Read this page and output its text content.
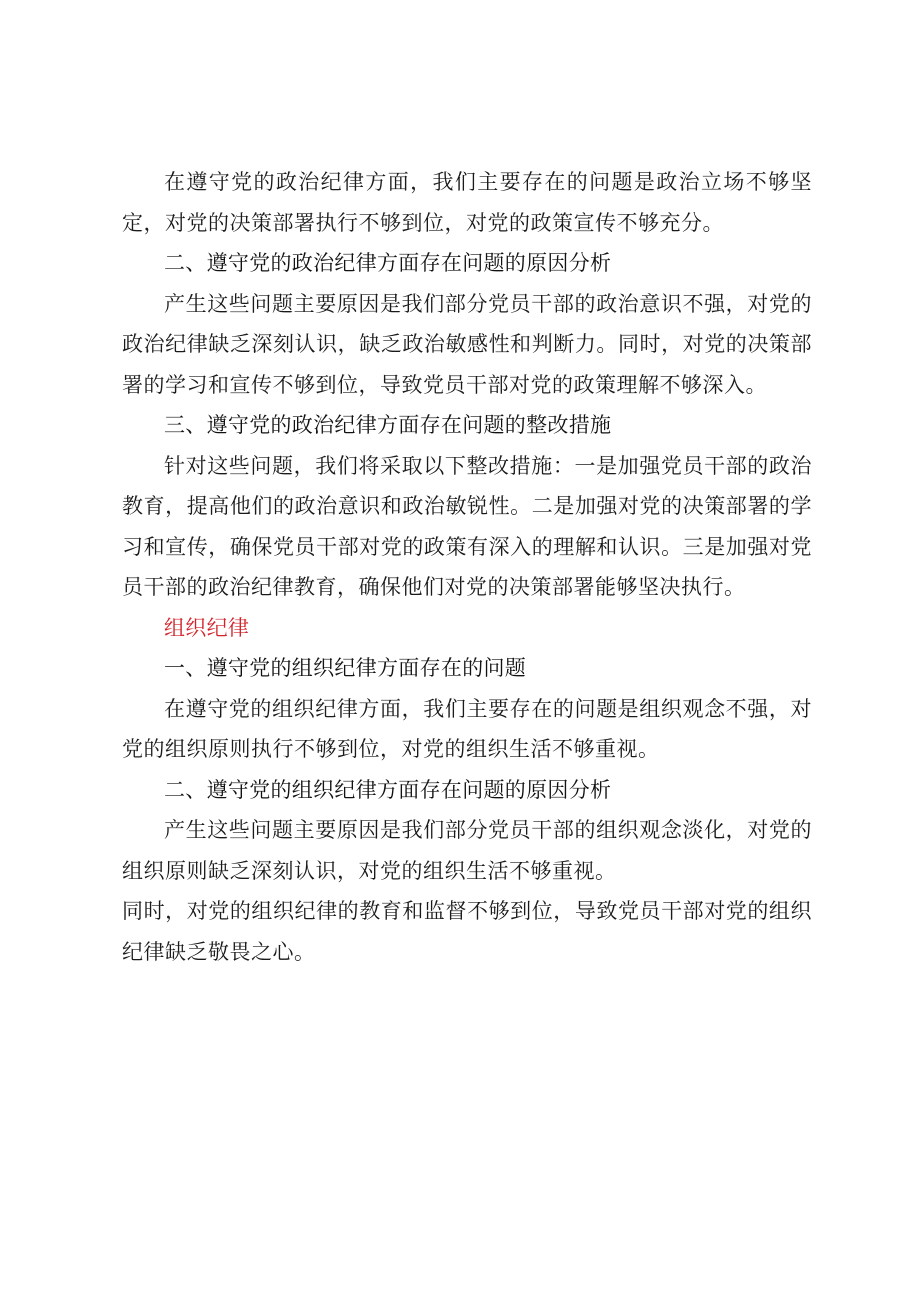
在遵守党的政治纪律方面，我们主要存在的问题是政治立场不够坚定，对党的决策部署执行不够到位，对党的政策宣传不够充分。

二、遵守党的政治纪律方面存在问题的原因分析

产生这些问题主要原因是我们部分党员干部的政治意识不强，对党的政治纪律缺乏深刻认识，缺乏政治敏感性和判断力。同时，对党的决策部署的学习和宣传不够到位，导致党员干部对党的政策理解不够深入。

三、遵守党的政治纪律方面存在问题的整改措施

针对这些问题，我们将采取以下整改措施：一是加强党员干部的政治教育，提高他们的政治意识和政治敏锐性。二是加强对党的决策部署的学习和宣传，确保党员干部对党的政策有深入的理解和认识。三是加强对党员干部的政治纪律教育，确保他们对党的决策部署能够坚决执行。

组织纪律
一、遵守党的组织纪律方面存在的问题

在遵守党的组织纪律方面，我们主要存在的问题是组织观念不强，对党的组织原则执行不够到位，对党的组织生活不够重视。

二、遵守党的组织纪律方面存在问题的原因分析

产生这些问题主要原因是我们部分党员干部的组织观念淡化，对党的组织原则缺乏深刻认识，对党的组织生活不够重视。

同时，对党的组织纪律的教育和监督不够到位，导致党员干部对党的组织纪律缺乏敬畏之心。
